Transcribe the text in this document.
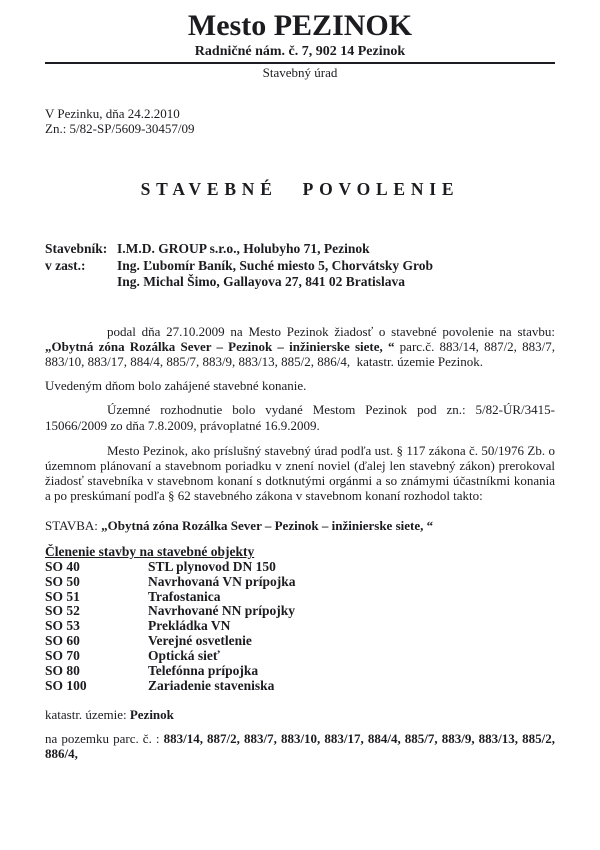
Mesto PEZINOK
Radničné nám. č. 7, 902 14 Pezinok
Stavebný úrad
V Pezinku, dňa 24.2.2010
Zn.: 5/82-SP/5609-30457/09
STAVEBNÉ POVOLENIE
Stavebník: I.M.D. GROUP s.r.o., Holubyho 71, Pezinok
v zast.:	Ing. Ľubomír Baník, Suché miesto 5, Chorvátsky Grob
Ing. Michal Šimo, Gallayova 27, 841 02 Bratislava

podal dňa 27.10.2009 na Mesto Pezinok žiadosť o stavebné povolenie na stavbu: „Obytná zóna Rozálka Sever – Pezinok – inžinierske siete, “ parc.č. 883/14, 887/2, 883/7, 883/10, 883/17, 884/4, 885/7, 883/9, 883/13, 885/2, 886/4,  katastr. územie Pezinok.

Uvedeným dňom bolo zahájené stavebné konanie.

Územné rozhodnutie bolo vydané Mestom Pezinok pod zn.: 5/82-ÚR/3415-15066/2009 zo dňa 7.8.2009, právoplatné 16.9.2009.

Mesto Pezinok, ako príslušný stavebný úrad podľa ust. § 117 zákona č. 50/1976 Zb. o územnom plánovaní a stavebnom poriadku v znení noviel (ďalej len stavebný zákon) prerokoval žiadosť stavebníka v stavebnom konaní s dotknutými orgánmi a so známymi účastníkmi konania a po preskúmaní podľa § 62 stavebného zákona v stavebnom konaní rozhodol takto:

STAVBA: „Obytná zóna Rozálka Sever – Pezinok – inžinierske siete, “

Členenie stavby na stavebné objekty
SO 40	STL plynovod DN 150
SO 50	Navrhovaná VN prípojka
SO 51	Trafostanica
SO 52	Navrhované NN prípojky
SO 53	Prekládka VN
SO 60	Verejné osvetlenie
SO 70	Optická sieť
SO 80	Telefónna prípojka
SO 100	Zariadenie staveniska

katastr. územie: Pezinok

na pozemku parc. č. : 883/14, 887/2, 883/7, 883/10, 883/17, 884/4, 885/7, 883/9, 883/13, 885/2, 886/4,
